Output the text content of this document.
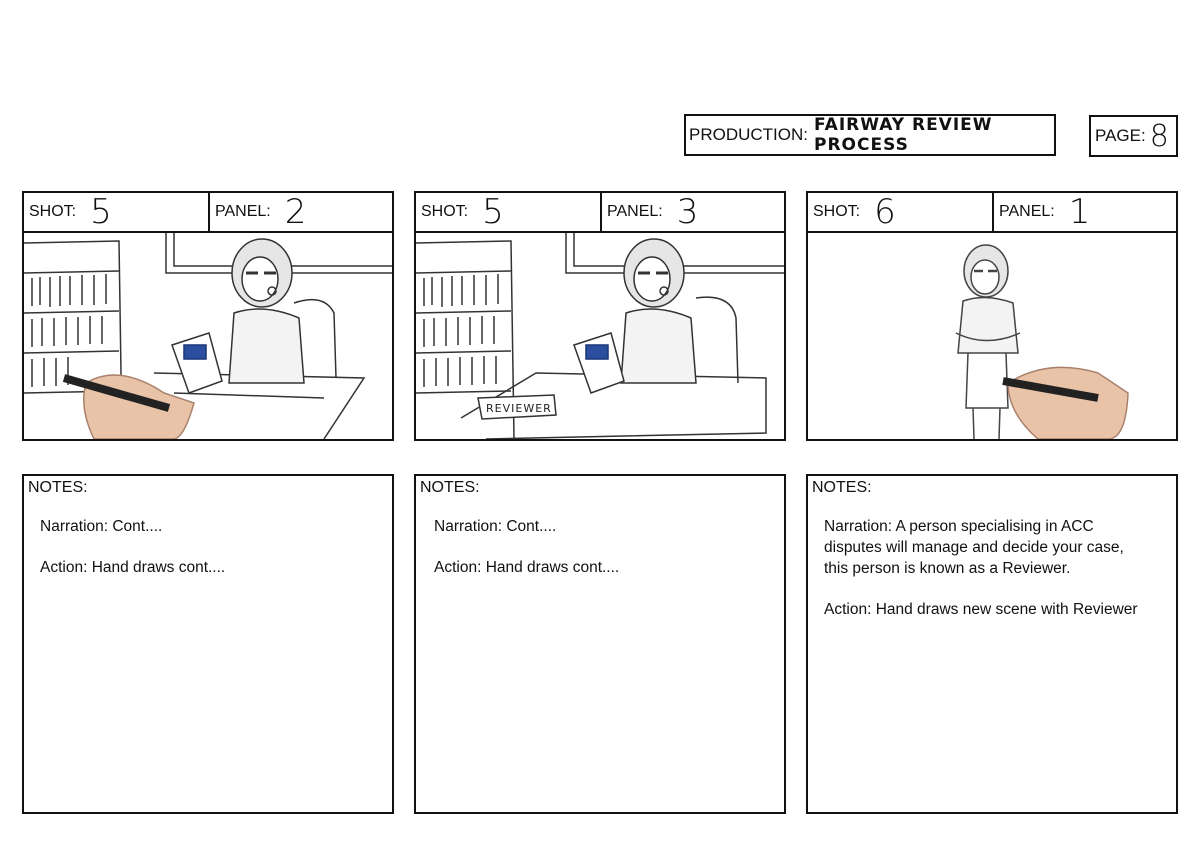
PRODUCTION: FAIRWAY REVIEW PROCESS	PAGE: 8
SHOT: 5	PANEL: 2	SHOT: 5	PANEL: 3
REVIEWER
SHOT: 6	PANEL: 1
NOTES:

Narration: Cont....

Action: Hand draws cont....

NOTES:

Narration: Cont....

Action: Hand draws cont....

NOTES:

Narration: A person specialising in ACC disputes will manage and decide your case, this person is known as a Reviewer.

Action: Hand draws new scene with Reviewer
